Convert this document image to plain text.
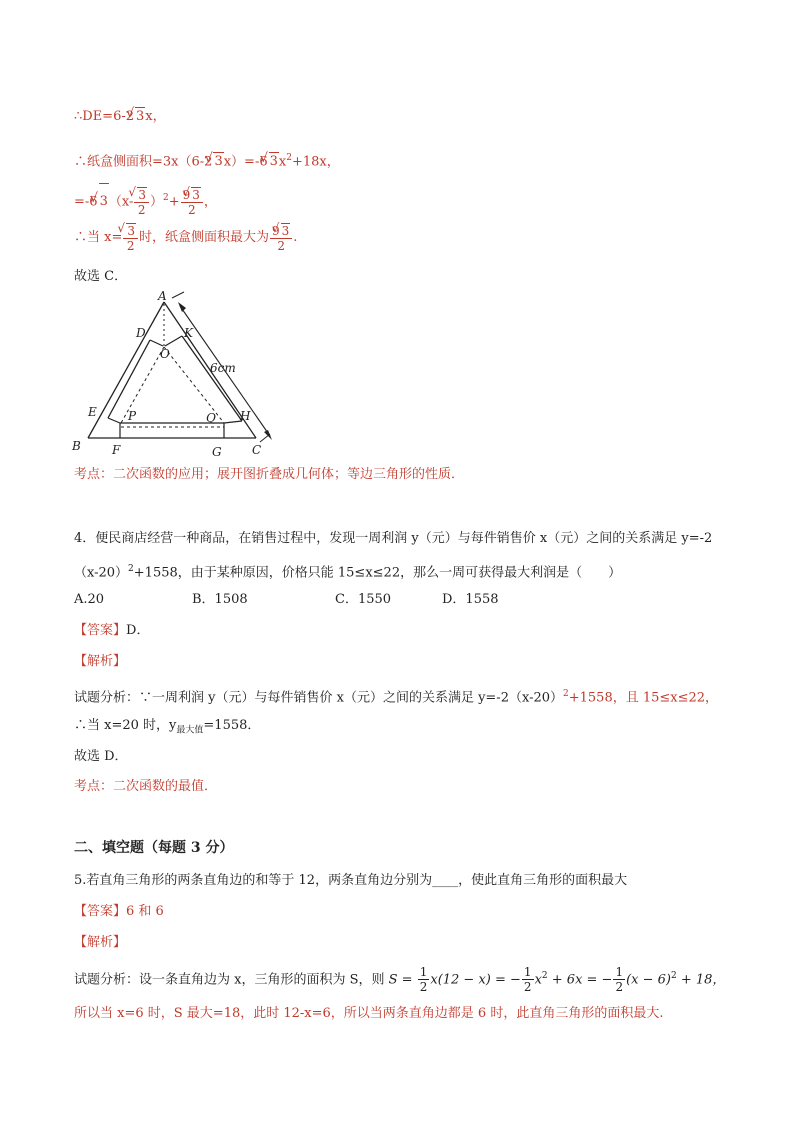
∴DE=6-2 √ 3x，
∴纸盒侧面积=3x（6-2 √ 3x）=-6 √ $3x^2+18x$，
=-6 √ 3（x- √ $\frac{3}{2} )^2+ \frac{9 √ 3}{2}$ ，
∴当 x= √ $\frac{3}{2}$ 时，纸盒侧面积最大为 $\frac{9 √ 3}{2}$ .
故选 C．
A
D	K
O
6cm
E	P	Q H
B	F	G	C
考点：二次函数的应用；展开图折叠成几何体；等边三角形的性质．
4．便民商店经营一种商品，在销售过程中，发现一周利润 y（元）与每件销售价 x（元）之间的关系满足 y=-2
$(x-20)^2+1558$，由于某种原因，价格只能 15≤x≤22，那么一周可获得最大利润是（　　）
A.20	B．1508	C．1550	D．1558
【答案】D．
【解析】
试题分析：∵一周利润 y（元）与每件销售价 x（元）之间的关系满足 $y=-2(x-20)^2+1558$，且 15≤x≤22，
∴当 x=20 时，$y_{最大值}=1558$．
故选 D．
考点：二次函数的最值．
二、填空题（每题 3 分）
5.若直角三角形的两条直角边的和等于 12，两条直角边分别为____，使此直角三角形的面积最大
【答案】6 和 6
【解析】
试题分析：设一条直角边为 x，三角形的面积为 S，则 $S = \frac{1}{2} x(12 - x)$ = − $\frac{1}{2} x^2 + 6x$ = − $\frac{1}{2} (x - 6)^2 + 18$，
所以当 x=6 时，S 最大=18，此时 12-x=6，所以当两条直角边都是 6 时，此直角三角形的面积最大.
